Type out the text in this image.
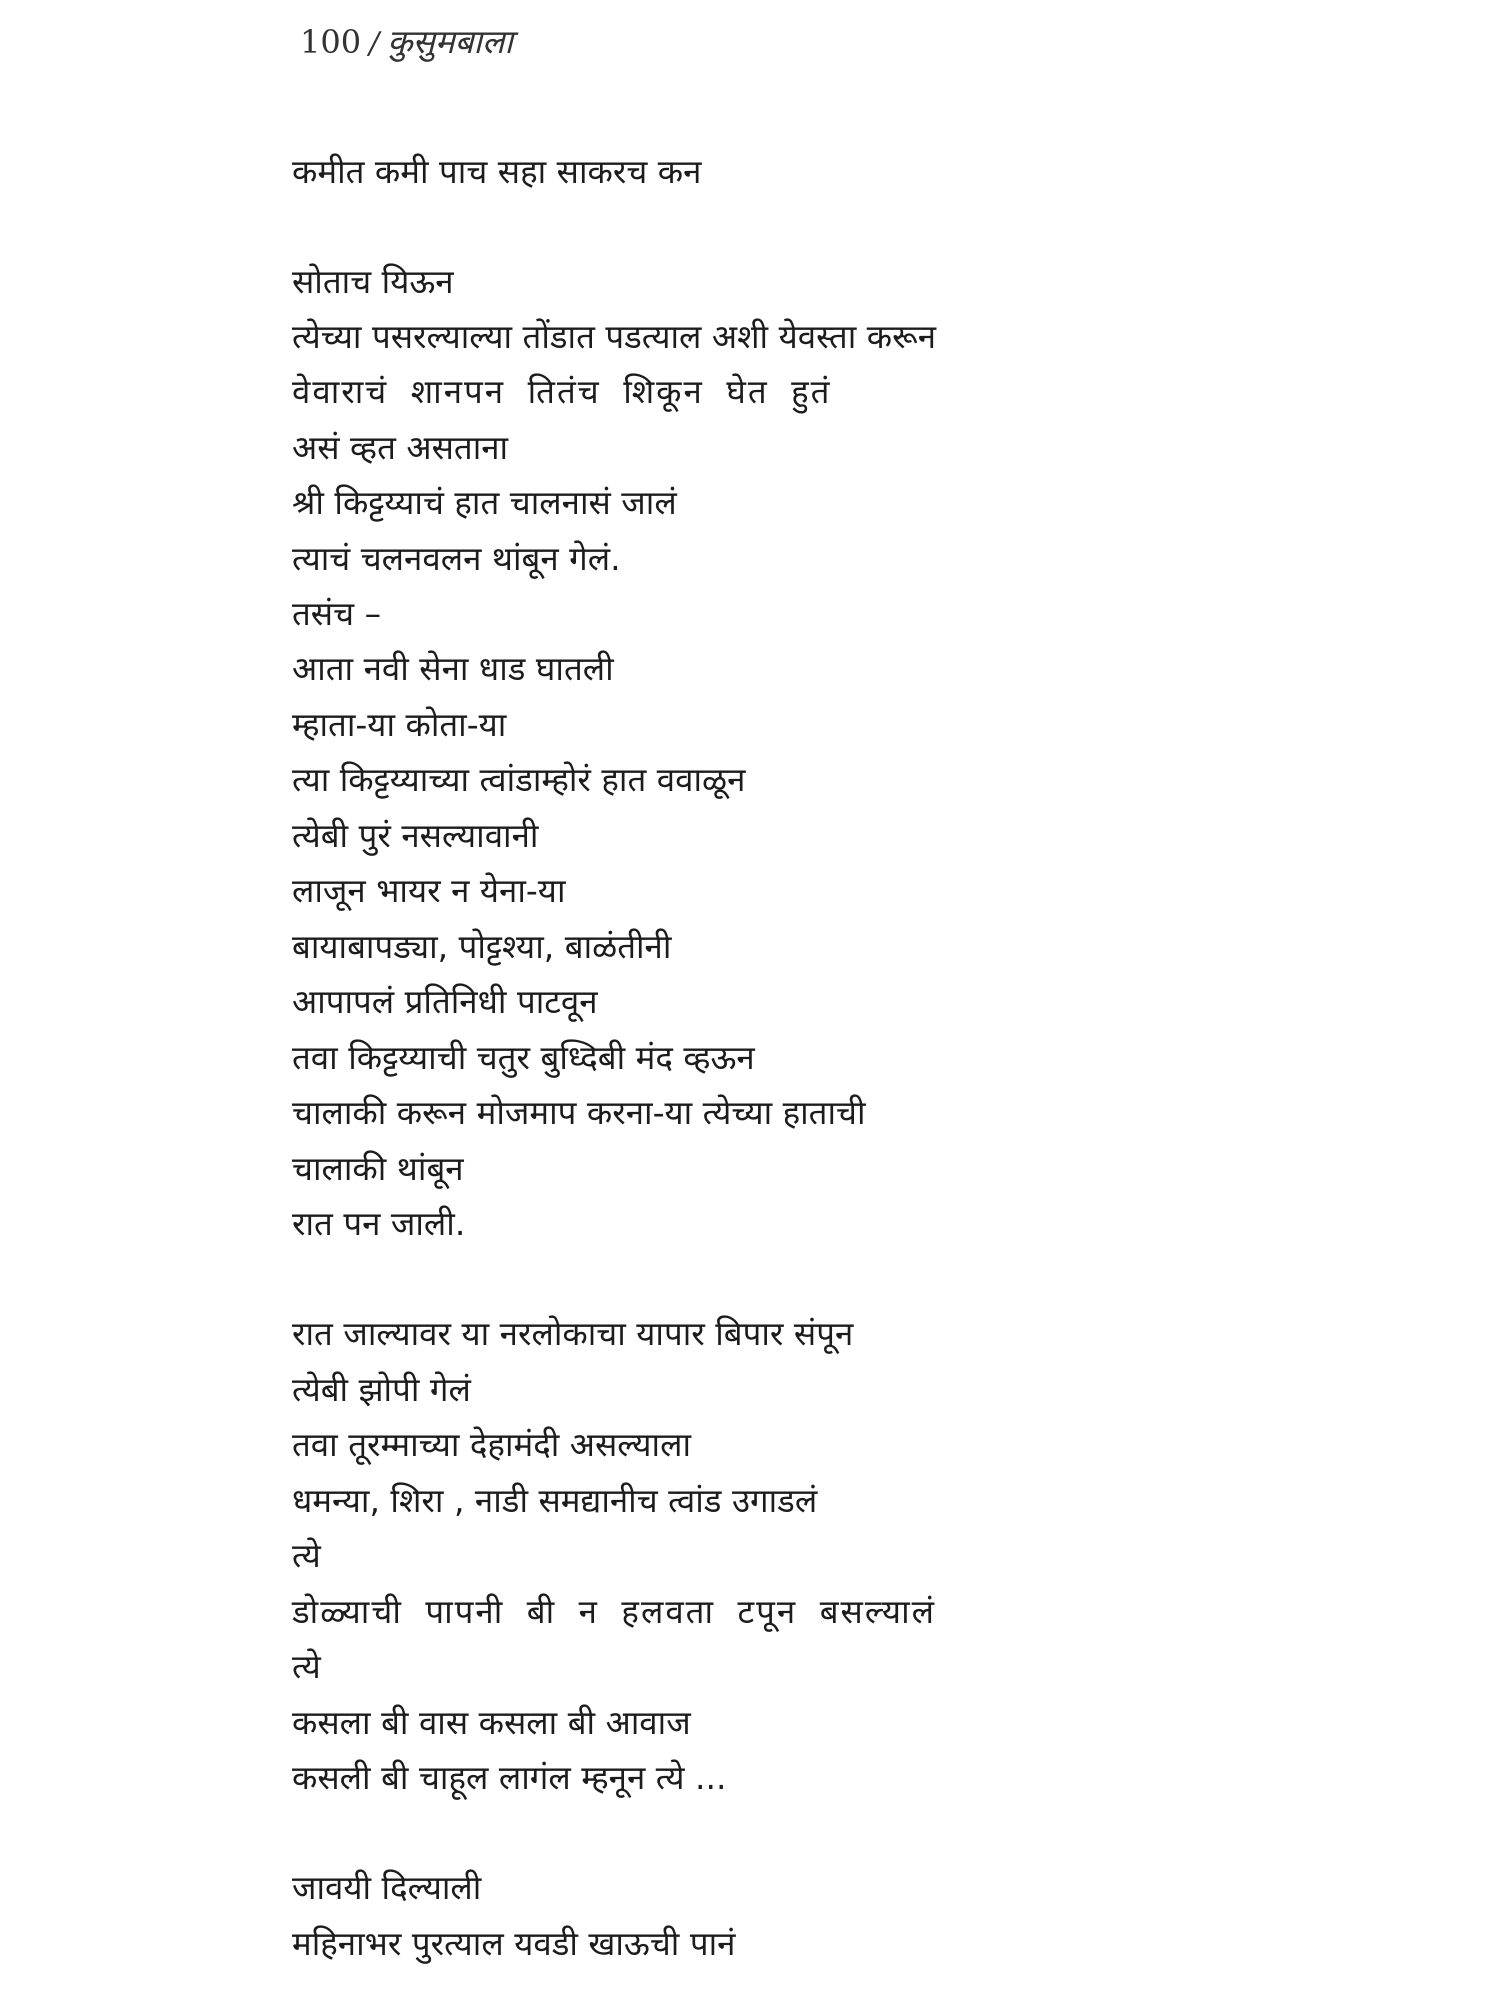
100 / कुसुमबाला
कमीत कमी पाच सहा साकरच कन
सोताच यिऊन
त्येच्या पसरल्याल्या तोंडात पडत्याल अशी येवस्ता करून
वेवाराचं शानपन तितंच शिकून घेत हुतं
असं व्हत असताना
श्री किट्टय्याचं हात चालनासं जालं
त्याचं चलनवलन थांबून गेलं.
तसंच –
आता नवी सेना धाड घातली
म्हाता-या कोता-या
त्या किट्टय्याच्या त्वांडाम्होरं हात ववाळून
त्येबी पुरं नसल्यावानी
लाजून भायर न येना-या
बायाबापड्या, पोट्टश्या, बाळंतीनी
आपापलं प्रतिनिधी पाटवून
तवा किट्टय्याची चतुर बुध्दिबी मंद व्हऊन
चालाकी करून मोजमाप करना-या त्येच्या हाताची
चालाकी थांबून
रात पन जाली.
रात जाल्यावर या नरलोकाचा यापार बिपार संपून
त्येबी झोपी गेलं
तवा तूरम्माच्या देहामंदी असल्याला
धमन्या, शिरा , नाडी समद्यानीच त्वांड उगाडलं
त्ये
डोळ्याची पापनी बी न हलवता टपून बसल्यालं
त्ये
कसला बी वास कसला बी आवाज
कसली बी चाहूल लागंल म्हनून त्ये ...
जावयी दिल्याली
महिनाभर पुरत्याल यवडी खाऊची पानं
